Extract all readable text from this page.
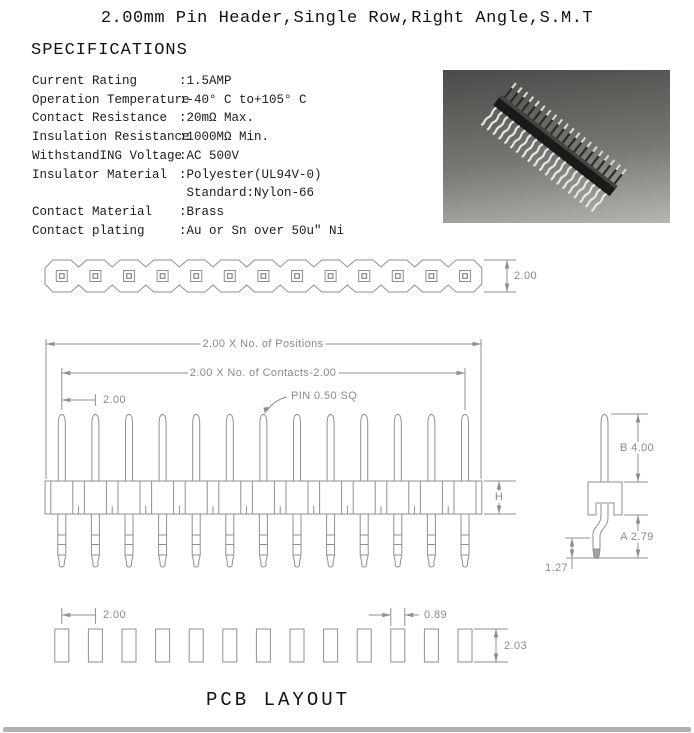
2.00mm Pin Header,Single Row,Right Angle,S.M.T
SPECIFICATIONS
Current Rating	:1.5AMP
Operation Temperature:-40° C to+105° C
Contact Resistance :20mΩ Max.
Insulation Resistance:1000MΩ Min.
WithstandING Voltage:AC 500V
Insulator Material :Polyester(UL94V-0)
Standard:Nylon-66
Contact Material :Brass
Contact plating	:Au or Sn over 50u" Ni
2.00
2.00 X No. of Positions
2.00 X No. of Contacts-2.00
2.00	PIN 0.50 SQ
H
B 4.00
A 2.79
1.27
2.00	0.89
2.03
PCB LAYOUT
